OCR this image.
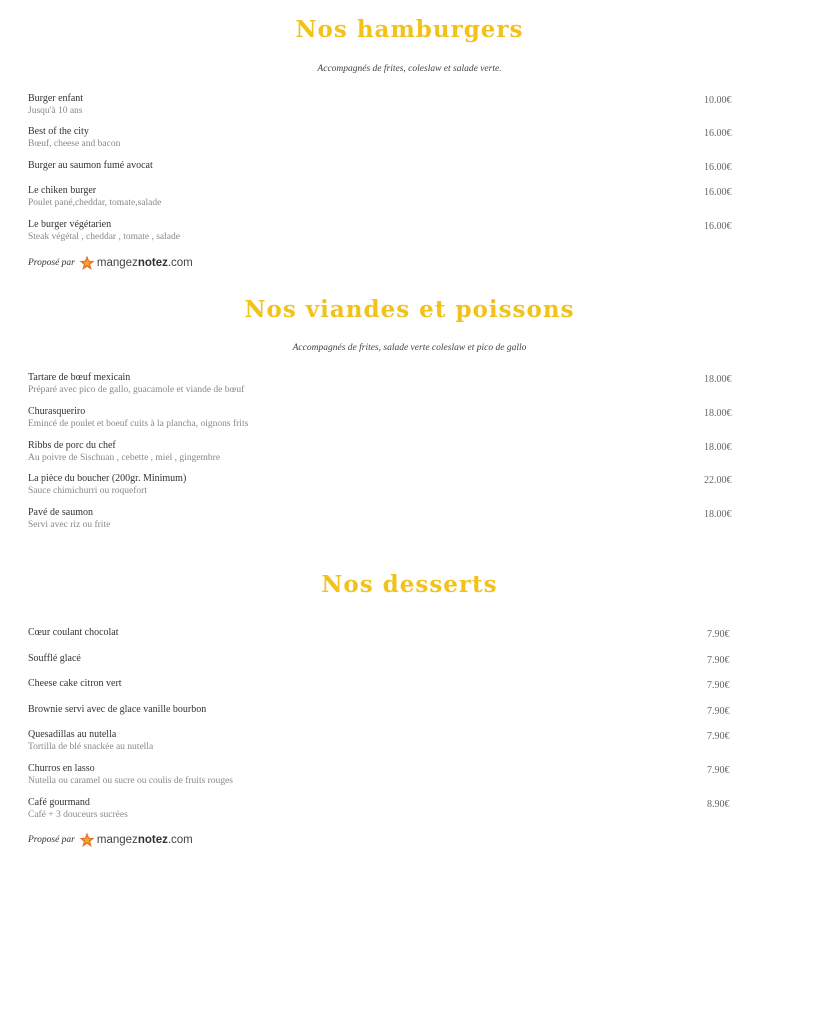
Nos hamburgers

Accompagnés de frites, coleslaw et salade verte.

Burger enfant
Jusqu'à 10 ans
10.00€
Best of the city
Bœuf, cheese and bacon
16.00€
Burger au saumon fumé avocat	16.00€
Le chiken burger
Poulet pané,cheddar, tomate,salade
16.00€
Le burger végétarien
Steak végétal , cheddar , tomate , salade
16.00€
Proposé par mangeznotez.com
Nos viandes et poissons

Accompagnés de frites, salade verte coleslaw et pico de gallo

Tartare de bœuf mexicain
Préparé avec pico de gallo, guacamole et viande de bœuf
18.00€
Churasqueriro
Emincé de poulet et boeuf cuits à la plancha, oignons frits
18.00€
Ribbs de porc du chef
Au poivre de Sischuan , cebette , miel , gingembre
18.00€
La pièce du boucher (200gr. Minimum)
Sauce chimichurri ou roquefort
22.00€
Pavé de saumon
Servi avec riz ou frite
18.00€
Nos desserts
Cœur coulant chocolat	7.90€
Soufflé glacé	7.90€
Cheese cake citron vert	7.90€
Brownie servi avec de glace vanille bourbon	7.90€
Quesadillas au nutella
Tortilla de blé snackée au nutella
7.90€
Churros en lasso
Nutella ou caramel ou sucre ou coulis de fruits rouges
7.90€
Café gourmand
Café + 3 douceurs sucrées
8.90€
Proposé par mangeznotez.com
